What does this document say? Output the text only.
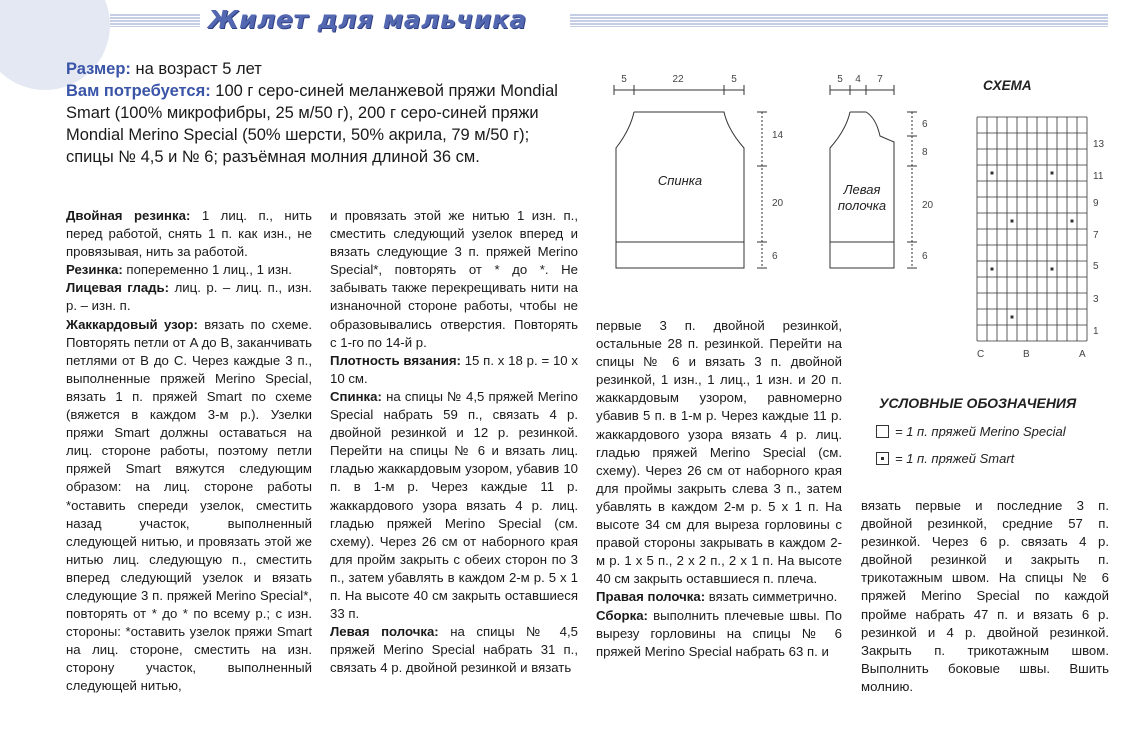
Жилет для мальчика
Размер: на возраст 5 лет
Вам потребуется: 100 г серо-синей меланжевой пряжи Mondial Smart (100% микрофибры, 25 м/50 г), 200 г серо-синей пряжи Mondial Merino Special (50% шерсти, 50% акрила, 79 м/50 г); спицы № 4,5 и № 6; разъёмная молния длиной 36 см.

Двойная резинка: 1 лиц. п., нить перед работой, снять 1 п. как изн., не провязывая, нить за работой.

Резинка: попеременно 1 лиц., 1 изн.

Лицевая гладь: лиц. р. – лиц. п., изн. р. – изн. п.

Жаккардовый узор: вязать по схеме. Повторять петли от A до B, заканчивать петлями от B до C. Через каждые 3 п., выполненные пряжей Merino Special, вязать 1 п. пряжей Smart по схеме (вяжется в каждом 3-м р.). Узелки пряжи Smart должны оставаться на лиц. стороне работы, поэтому петли пряжей Smart вяжутся следующим образом: на лиц. стороне работы *оставить спереди узелок, сместить назад участок, выполненный следующей нитью, и провязать этой же нитью лиц. следующую п., сместить вперед следующий узелок и вязать следующие 3 п. пряжей Merino Special*, повторять от * до * по всему р.; с изн. стороны: *оставить узелок пряжи Smart на лиц. стороне, сместить на изн. сторону участок, выполненный следующей нитью,

и провязать этой же нитью 1 изн. п., сместить следующий узелок вперед и вязать следующие 3 п. пряжей Merino Special*, повторять от * до *. Не забывать также перекрещивать нити на изнаночной стороне работы, чтобы не образовывались отверстия. Повторять с 1-го по 14-й р.

Плотность вязания: 15 п. х 18 р. = 10 х 10 см.

Спинка: на спицы № 4,5 пряжей Merino Special набрать 59 п., связать 4 р. двойной резинкой и 12 р. резинкой. Перейти на спицы № 6 и вязать лиц. гладью жаккардовым узором, убавив 10 п. в 1-м р. Через каждые 11 р. жаккардового узора вязать 4 р. лиц. гладью пряжей Merino Special (см. схему). Через 26 см от наборного края для пройм закрыть с обеих сторон по 3 п., затем убавлять в каждом 2-м р. 5 х 1 п. На высоте 40 см закрыть оставшиеся 33 п.

Левая полочка: на спицы № 4,5 пряжей Merino Special набрать 31 п., связать 4 р. двойной резинкой и вязать

первые 3 п. двойной резинкой, остальные 28 п. резинкой. Перейти на спицы № 6 и вязать 3 п. двойной резинкой, 1 изн., 1 лиц., 1 изн. и 20 п. жаккардовым узором, равномерно убавив 5 п. в 1-м р. Через каждые 11 р. жаккардового узора вязать 4 р. лиц. гладью пряжей Merino Special (см. схему). Через 26 см от наборного края для проймы закрыть слева 3 п., затем убавлять в каждом 2-м р. 5 х 1 п. На высоте 34 см для выреза горловины с правой стороны закрывать в каждом 2-м р. 1 х 5 п., 2 х 2 п., 2 х 1 п. На высоте 40 см закрыть оставшиеся п. плеча.

Правая полочка: вязать симметрично.

Сборка: выполнить плечевые швы. По вырезу горловины на спицы № 6 пряжей Merino Special набрать 63 п. и

вязать первые и последние 3 п. двойной резинкой, средние 57 п. резинкой. Через 6 р. связать 4 р. двойной резинкой и закрыть п. трикотажным швом. На спицы № 6 пряжей Merino Special по каждой пройме набрать 47 п. и вязать 6 р. резинкой и 4 р. двойной резинкой. Закрыть п. трикотажным швом. Выполнить боковые швы. Вшить молнию.

5	22	5
14
20
6
Спинка
5 4 7
6
8
20
6
Левая
полочка
13
11
9
7
5
3
1
C	B	A
СХЕМА
УСЛОВНЫЕ ОБОЗНАЧЕНИЯ
= 1 п. пряжей Merino Special
= 1 п. пряжей Smart
